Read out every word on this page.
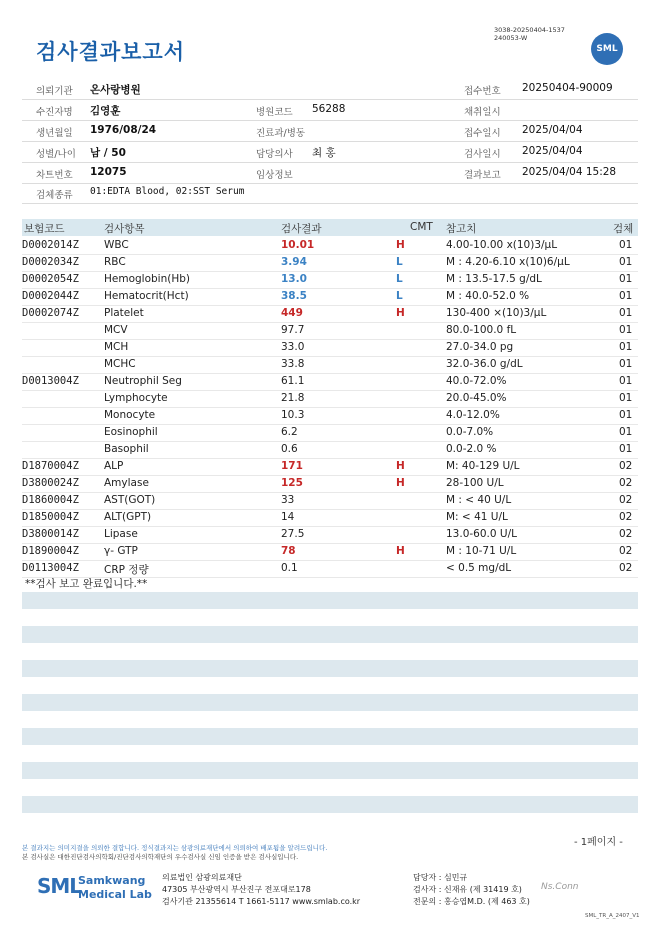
검사결과보고서
3038-20250404-1537
240053-W
SML
의뢰기관 온사랑병원	접수번호 20250404-90009
수진자명 김영훈	병원코드 56288	채취일시
생년월일 1976/08/24	진료과/병동	접수일시 2025/04/04
성별/나이 남 / 50	담당의사 최 홍	검사일시 2025/04/04
차트번호 12075	임상정보	결과보고 2025/04/04 15:28
검체종류 01:EDTA Blood, 02:SST Serum
보험코드	검사항목	검사결과	CMT 참고치	검체
D0002014Z WBC	10.01	H	4.00-10.00 x(10)3/μL	01
D0002034Z RBC	3.94	L	M : 4.20-6.10 x(10)6/μL	01
D0002054Z Hemoglobin(Hb)	13.0	L	M : 13.5-17.5 g/dL	01
D0002044Z Hematocrit(Hct)	38.5	L	M : 40.0-52.0 %	01
D0002074Z Platelet	449	H	130-400 ×(10)3/μL	01
MCV	97.7	80.0-100.0 fL	01
MCH	33.0	27.0-34.0 pg	01
MCHC	33.8	32.0-36.0 g/dL	01
D0013004Z Neutrophil Seg	61.1	40.0-72.0%	01
Lymphocyte	21.8	20.0-45.0%	01
Monocyte	10.3	4.0-12.0%	01
Eosinophil	6.2	0.0-7.0%	01
Basophil	0.6	0.0-2.0 %	01
D1870004Z ALP	171	H	M: 40-129 U/L	02
D3800024Z Amylase	125	H	28-100 U/L	02
D1860004Z AST(GOT)	33	M : < 40 U/L	02
D1850004Z ALT(GPT)	14	M: < 41 U/L	02
D3800014Z Lipase	27.5	13.0-60.0 U/L	02
D1890004Z γ- GTP	78	H	M : 10-71 U/L	02
D0113004Z CRP 정량	0.1	< 0.5 mg/dL	02
**검사 보고 완료입니다.**
- 1페이지 -
본 결과지는 의미지결을 의뢰한 결합니다. 정식결과지는 삼광의료재단에서 의뢰하여 배포됨을 알려드립니다.
본 검사실은 대한진단검사의학회/진단검사의학재단의 우수검사실 신임 인증을 받은 검사실입니다.
SML
Samkwang
Medical Lab
의료법인 삼광의료재단
47305 부산광역시 부산진구 전포대로178
검사기관 21355614 T 1661-5117 www.smlab.co.kr
담당자 : 심민규
검사자 : 신재유 (제 31419 호)
전문의 : 홍승엽M.D. (제 463 호)
Ns.Conn
SML_TR_A_2407_V1
